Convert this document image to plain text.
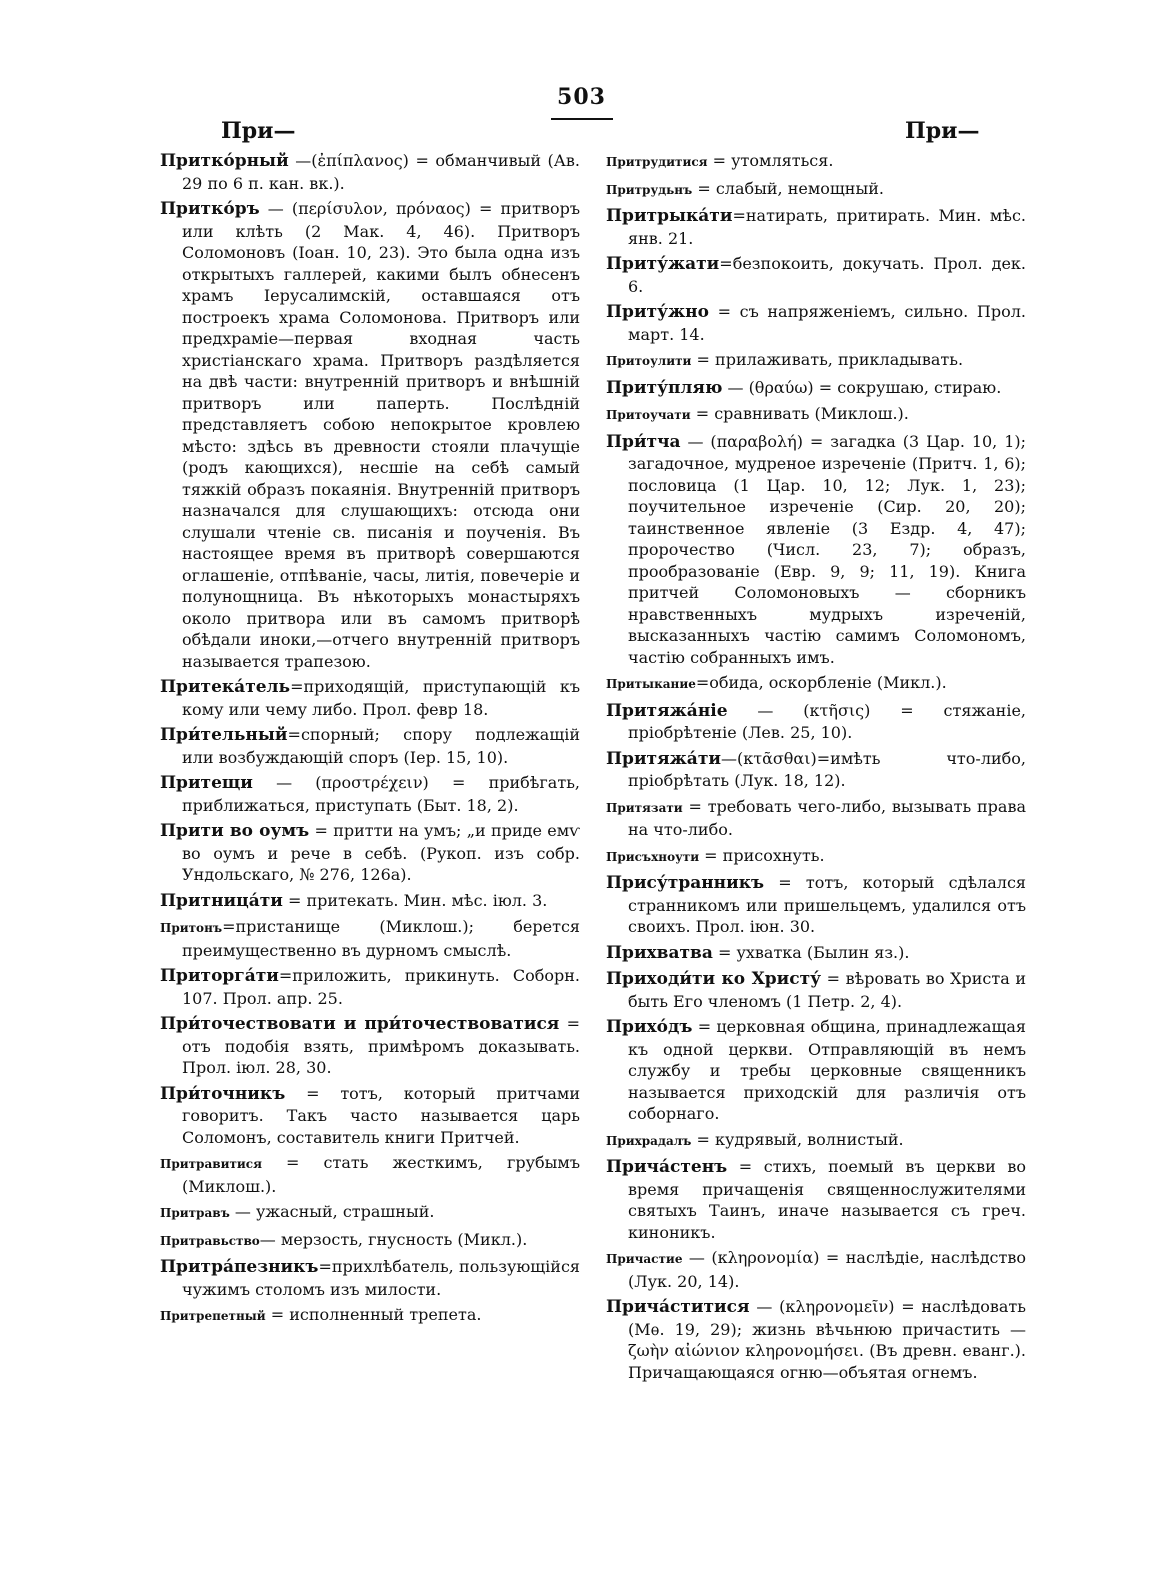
503
При—	При—

Притко́рный —(ἐπίπλανος) = обманчивый (Ав. 29 по 6 п. кан. вк.).

Притко́ръ — (περίσυλον, πρόναος) = притворъ или клѣть (2 Мак. 4, 46). Притворъ Соломоновъ (Іоан. 10, 23). Это была одна изъ открытыхъ галлерей, какими былъ обнесенъ храмъ Іерусалимскій, оставшаяся отъ построекъ храма Соломонова. Притворъ или предхраміе—первая входная часть христіанскаго храма. Притворъ раздѣляется на двѣ части: внутренній притворъ и внѣшній притворъ или паперть. Послѣдній представляетъ собою непокрытое кровлею мѣсто: здѣсь въ древности стояли плачущіе (родъ кающихся), несшіе на себѣ самый тяжкій образъ покаянія. Внутренній притворъ назначался для слушающихъ: отсюда они слушали чтеніе св. писанія и поученія. Въ настоящее время въ притворѣ совершаются оглашеніе, отпѣваніе, часы, литія, повечеріе и полунощница. Въ нѣкоторыхъ монастыряхъ около притвора или въ самомъ притворѣ обѣдали иноки,—отчего внутренній притворъ называется трапезою.

Притека́тель=приходящій, приступающій къ кому или чему либо. Прол. февр 18.

При́тельный=спорный; спору подлежащій или возбуждающій споръ (Іер. 15, 10).

Притещи — (προστρέχειν) = прибѣгать, приближаться, приступать (Быт. 18, 2).

Прити во оумъ = притти на умъ; „и приде емѵ во оумъ и рече в себѣ. (Рукоп. изъ собр. Ундольскаго, № 276, 126а).

Притница́ти = притекать. Мин. мѣс. іюл. 3.

Притонъ=пристанище (Миклош.); берется преимущественно въ дурномъ смыслѣ.

Приторга́ти=приложить, прикинуть. Соборн. 107. Прол. апр. 25.

При́точествовати и при́точествоватися = отъ подобія взять, примѣромъ доказывать. Прол. іюл. 28, 30.

При́точникъ = тотъ, который притчами говоритъ. Такъ часто называется царь Соломонъ, составитель книги Притчей.

Притравитися = стать жесткимъ, грубымъ (Миклош.).

Притравъ — ужасный, страшный.

Притравьство— мерзость, гнусность (Микл.).

Притра́пезникъ=прихлѣбатель, пользующійся чужимъ столомъ изъ милости.

Притрепетный = исполненный трепета.

Притрудитися = утомляться.

Притрудьнъ = слабый, немощный.

Притрыка́ти=натирать, притирать. Мин. мѣс. янв. 21.

Приту́жати=безпокоить, докучать. Прол. дек. 6.

Приту́жно = съ напряженіемъ, сильно. Прол. март. 14.

Притоулити = прилаживать, прикладывать.

Приту́пляю — (θραύω) = сокрушаю, стираю.

Притоучати = сравнивать (Миклош.).

При́тча — (παραβολή) = загадка (3 Цар. 10, 1); загадочное, мудреное изреченіе (Притч. 1, 6); пословица (1 Цар. 10, 12; Лук. 1, 23); поучительное изреченіе (Сир. 20, 20); таинственное явленіе (3 Ездр. 4, 47); пророчество (Числ. 23, 7); образъ, прообразованіе (Евр. 9, 9; 11, 19). Книга притчей Соломоновыхъ — сборникъ нравственныхъ мудрыхъ изреченій, высказанныхъ частію самимъ Соломономъ, частію собранныхъ имъ.

Притыкание=обида, оскорбленіе (Микл.).

Притяжа́ніе — (κτῆσις) = стяжаніе, пріобрѣтеніе (Лев. 25, 10).

Притяжа́ти—(κτᾶσθαι)=имѣть что-либо, пріобрѣтать (Лук. 18, 12).

Притязати = требовать чего-либо, вызывать права на что-либо.

Присъхноути = присохнуть.

Прису́транникъ = тотъ, который сдѣлался странникомъ или пришельцемъ, удалился отъ своихъ. Прол. іюн. 30.

Прихватва = ухватка (Былин яз.).

Приходи́ти ко Христу́ = вѣровать во Христа и быть Его членомъ (1 Петр. 2, 4).

Прихо́дъ = церковная община, принадлежащая къ одной церкви. Отправляющій въ немъ службу и требы церковные священникъ называется приходскій для различія отъ соборнаго.

Прихрадалъ = кудрявый, волнистый.

Прича́стенъ = стихъ, поемый въ церкви во время причащенія священнослужителями святыхъ Таинъ, иначе называется съ греч. киноникъ.

Причастие — (κληρονομία) = наслѣдіе, наслѣдство (Лук. 20, 14).

Прича́ститися — (κληρονομεῖν) = наслѣдовать (Мѳ. 19, 29); жизнь вѣчьнюю причастить — ζωὴν αἰώνιον κληρονομήσει. (Въ древн. еванг.). Причащающаяся огню—объятая огнемъ.
